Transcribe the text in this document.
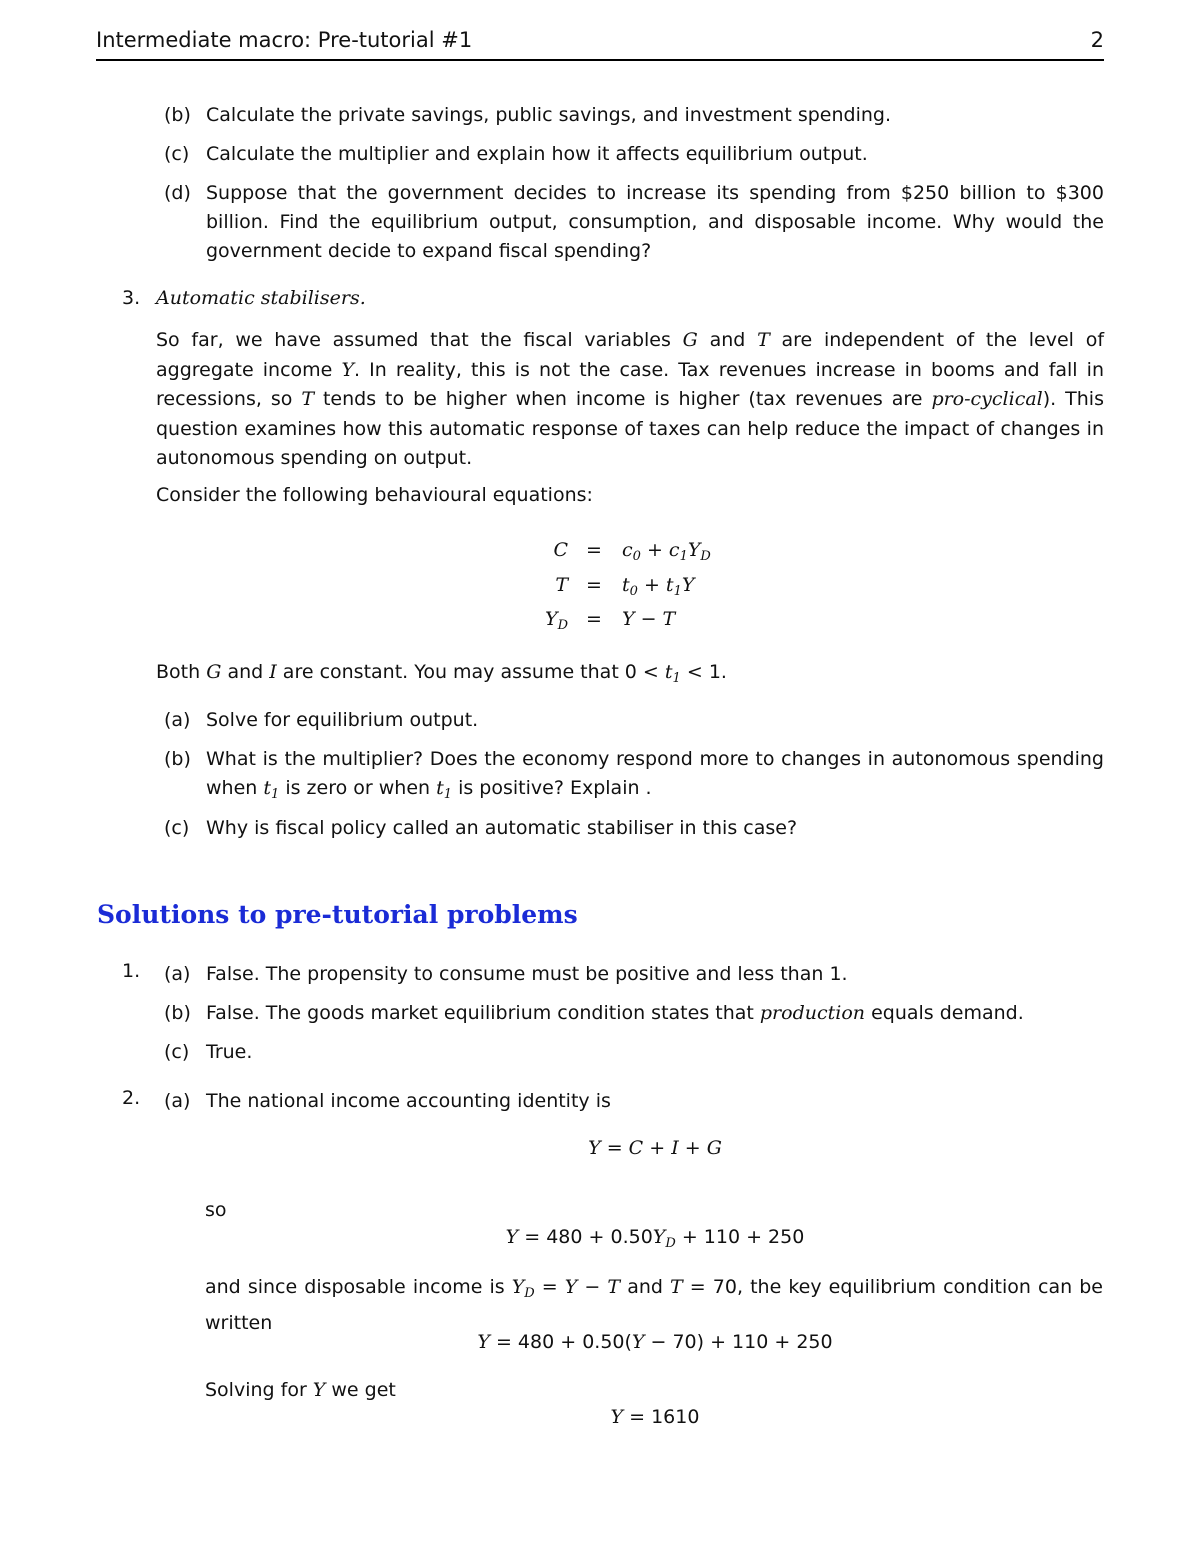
Intermediate macro: Pre-tutorial #1	2
(b) Calculate the private savings, public savings, and investment spending.
(c) Calculate the multiplier and explain how it affects equilibrium output.
(d) Suppose that the government decides to increase its spending from $250 billion to $300 billion. Find the equilibrium output, consumption, and disposable income. Why would the government decide to expand fiscal spending?
3. Automatic stabilisers.
So far, we have assumed that the fiscal variables G and T are independent of the level of aggregate income Y. In reality, this is not the case. Tax revenues increase in booms and fall in recessions, so T tends to be higher when income is higher (tax revenues are pro-cyclical). This question examines how this automatic response of taxes can help reduce the impact of changes in autonomous spending on output.
Consider the following behavioural equations:
$C = c_0 + c_1Y_D$
$T = t_0 + t_1Y$
$Y_D = Y - T$
Both G and I are constant. You may assume that $0 < t_1 < 1$.
(a) Solve for equilibrium output.
(b) What is the multiplier? Does the economy respond more to changes in autonomous spending when $t_1$ is zero or when $t_1$ is positive? Explain .
(c) Why is fiscal policy called an automatic stabiliser in this case?
Solutions to pre-tutorial problems
1. (a) False. The propensity to consume must be positive and less than 1.
(b) False. The goods market equilibrium condition states that production equals demand.
(c) True.
2. (a) The national income accounting identity is
Y = C + I + G
so
$Y = 480 + 0.50Y_D + 110 + 250$
and since disposable income is $Y_D = Y - T$ and T = 70, the key equilibrium condition can be written
Y = 480 + 0.50(Y − 70) + 110 + 250
Solving for Y we get
Y = 1610
